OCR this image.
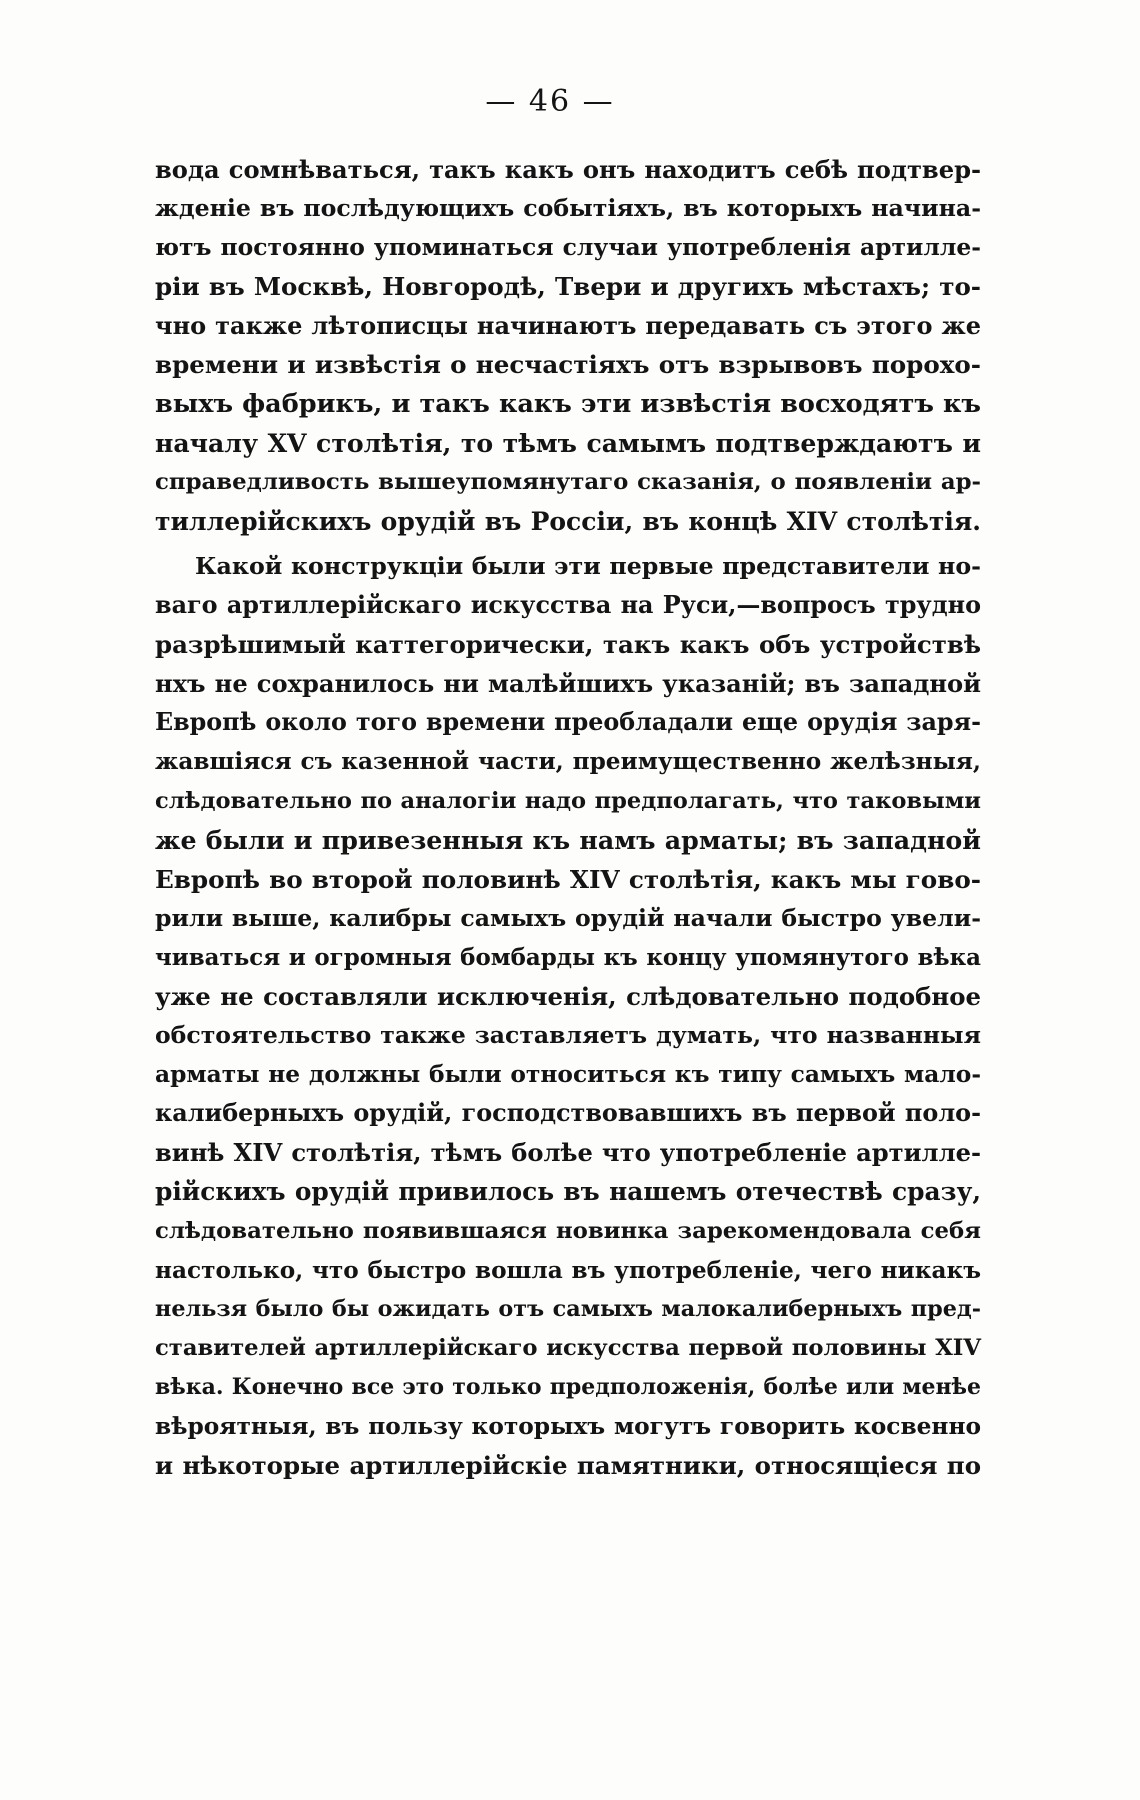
— 46 —
вода сомнѣваться, такъ какъ онъ находитъ себѣ подтвер-
жденіе въ послѣдующихъ событіяхъ, въ которыхъ начина-
ютъ постоянно упоминаться случаи употребленія артилле-
ріи въ Москвѣ, Новгородѣ, Твери и другихъ мѣстахъ; то-
чно также лѣтописцы начинаютъ передавать съ этого же
времени и извѣстія о несчастіяхъ отъ взрывовъ порохо-
выхъ фабрикъ, и такъ какъ эти извѣстія восходятъ къ
началу XV столѣтія, то тѣмъ самымъ подтверждаютъ и
справедливость вышеупомянутаго сказанія, о появленіи ар-
тиллерійскихъ орудій въ Россіи, въ концѣ XIV столѣтія.
Какой конструкціи были эти первые представители но-
ваго артиллерійскаго искусства на Руси,—вопросъ трудно
разрѣшимый каттегорически, такъ какъ объ устройствѣ
нхъ не сохранилось ни малѣйшихъ указаній; въ западной
Европѣ около того времени преобладали еще орудія заря-
жавшіяся съ казенной части, преимущественно желѣзныя,
слѣдовательно по аналогіи надо предполагать, что таковыми
же были и привезенныя къ намъ арматы; въ западной
Европѣ во второй половинѣ XIV столѣтія, какъ мы гово-
рили выше, калибры самыхъ орудій начали быстро увели-
чиваться и огромныя бомбарды къ концу упомянутого вѣка
уже не составляли исключенія, слѣдовательно подобное
обстоятельство также заставляетъ думать, что названныя
арматы не должны были относиться къ типу самыхъ мало-
калиберныхъ орудій, господствовавшихъ въ первой поло-
винѣ XIV столѣтія, тѣмъ болѣе что употребленіе артилле-
рійскихъ орудій привилось въ нашемъ отечествѣ сразу,
слѣдовательно появившаяся новинка зарекомендовала себя
настолько, что быстро вошла въ употребленіе, чего никакъ
нельзя было бы ожидать отъ самыхъ малокалиберныхъ пред-
ставителей артиллерійскаго искусства первой половины XIV
вѣка. Конечно все это только предположенія, болѣе или менѣе
вѣроятныя, въ пользу которыхъ могутъ говорить косвенно
и нѣкоторые артиллерійскіе памятники, относящіеся по
